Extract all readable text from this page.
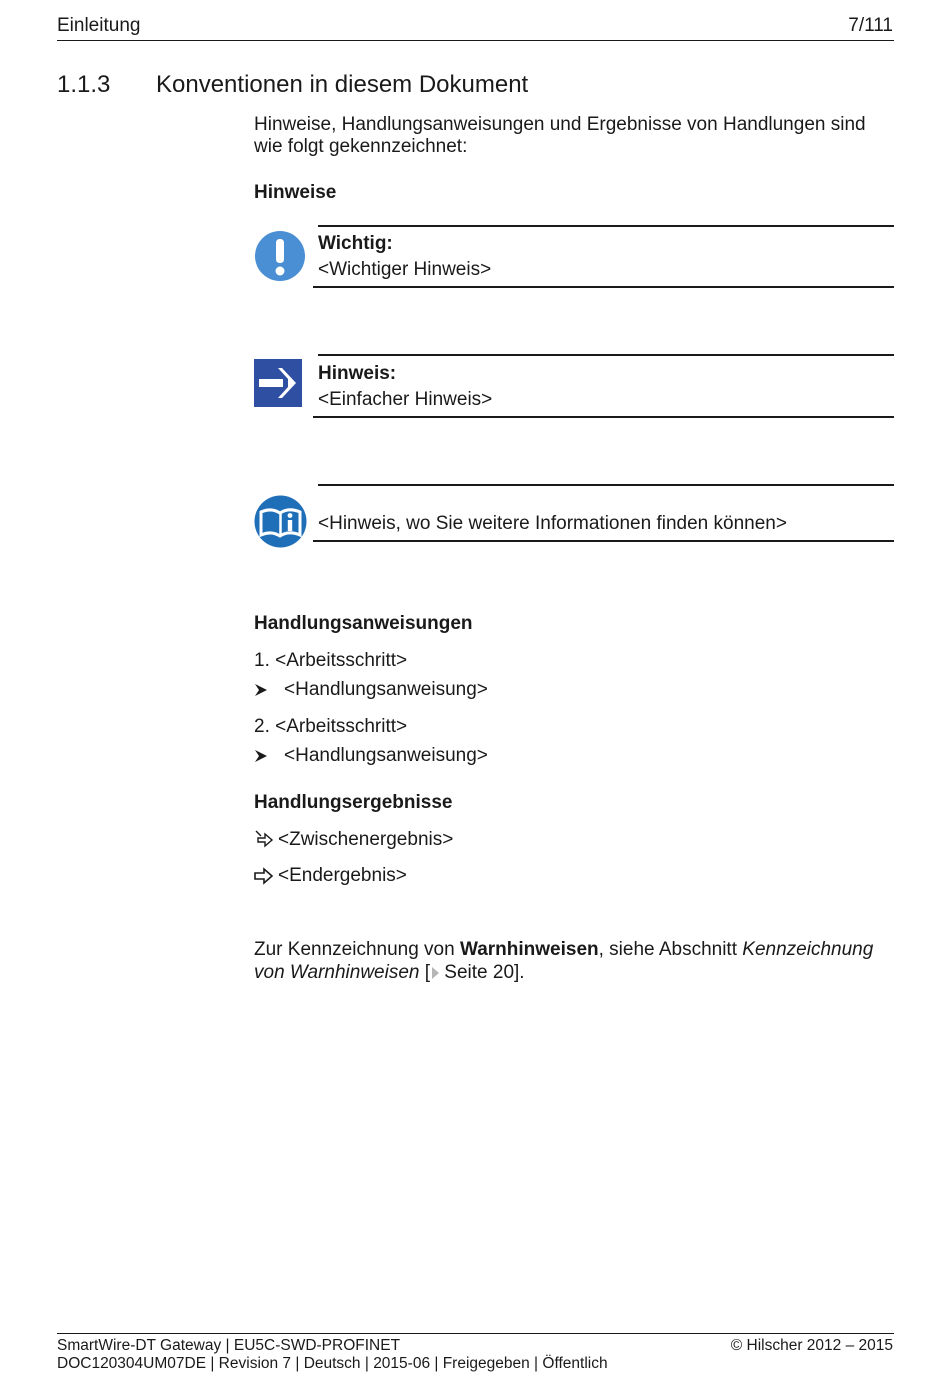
Einleitung	7/111
1.1.3 Konventionen in diesem Dokument
Hinweise, Handlungsanweisungen und Ergebnisse von Handlungen sind wie folgt gekennzeichnet:
Hinweise
Wichtig:
<Wichtiger Hinweis>
Hinweis:
<Einfacher Hinweis>
<Hinweis, wo Sie weitere Informationen finden können>
Handlungsanweisungen
1. <Arbeitsschritt>
<Handlungsanweisung>
2. <Arbeitsschritt>
<Handlungsanweisung>
Handlungsergebnisse
<Zwischenergebnis>
<Endergebnis>
Zur Kennzeichnung von Warnhinweisen, siehe Abschnitt Kennzeichnung von Warnhinweisen [ Seite 20].
SmartWire-DT Gateway | EU5C-SWD-PROFINET
DOC120304UM07DE | Revision 7 | Deutsch | 2015-06 | Freigegeben | Öffentlich
© Hilscher 2012 – 2015
